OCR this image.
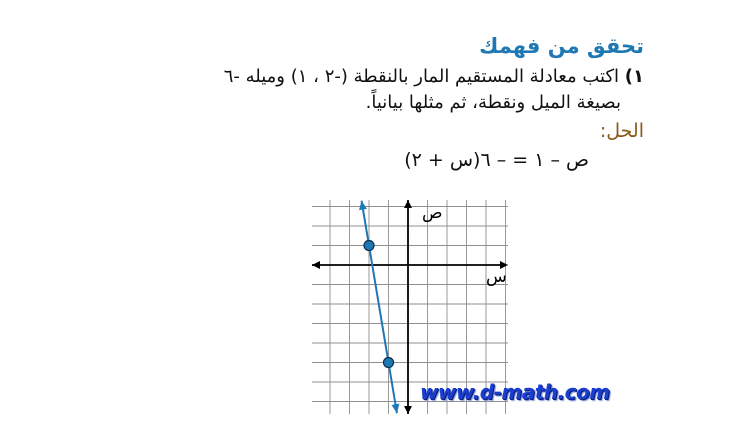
تحقق من فهمك
١) اكتب معادلة المستقيم المار بالنقطة (-٢ ، ١) وميله -٦
بصيغة الميل ونقطة، ثم مثلها بيانياً.
الحل:
ص – ١ = – ٦(س + ٢)
ص
س
www.d-math.com
